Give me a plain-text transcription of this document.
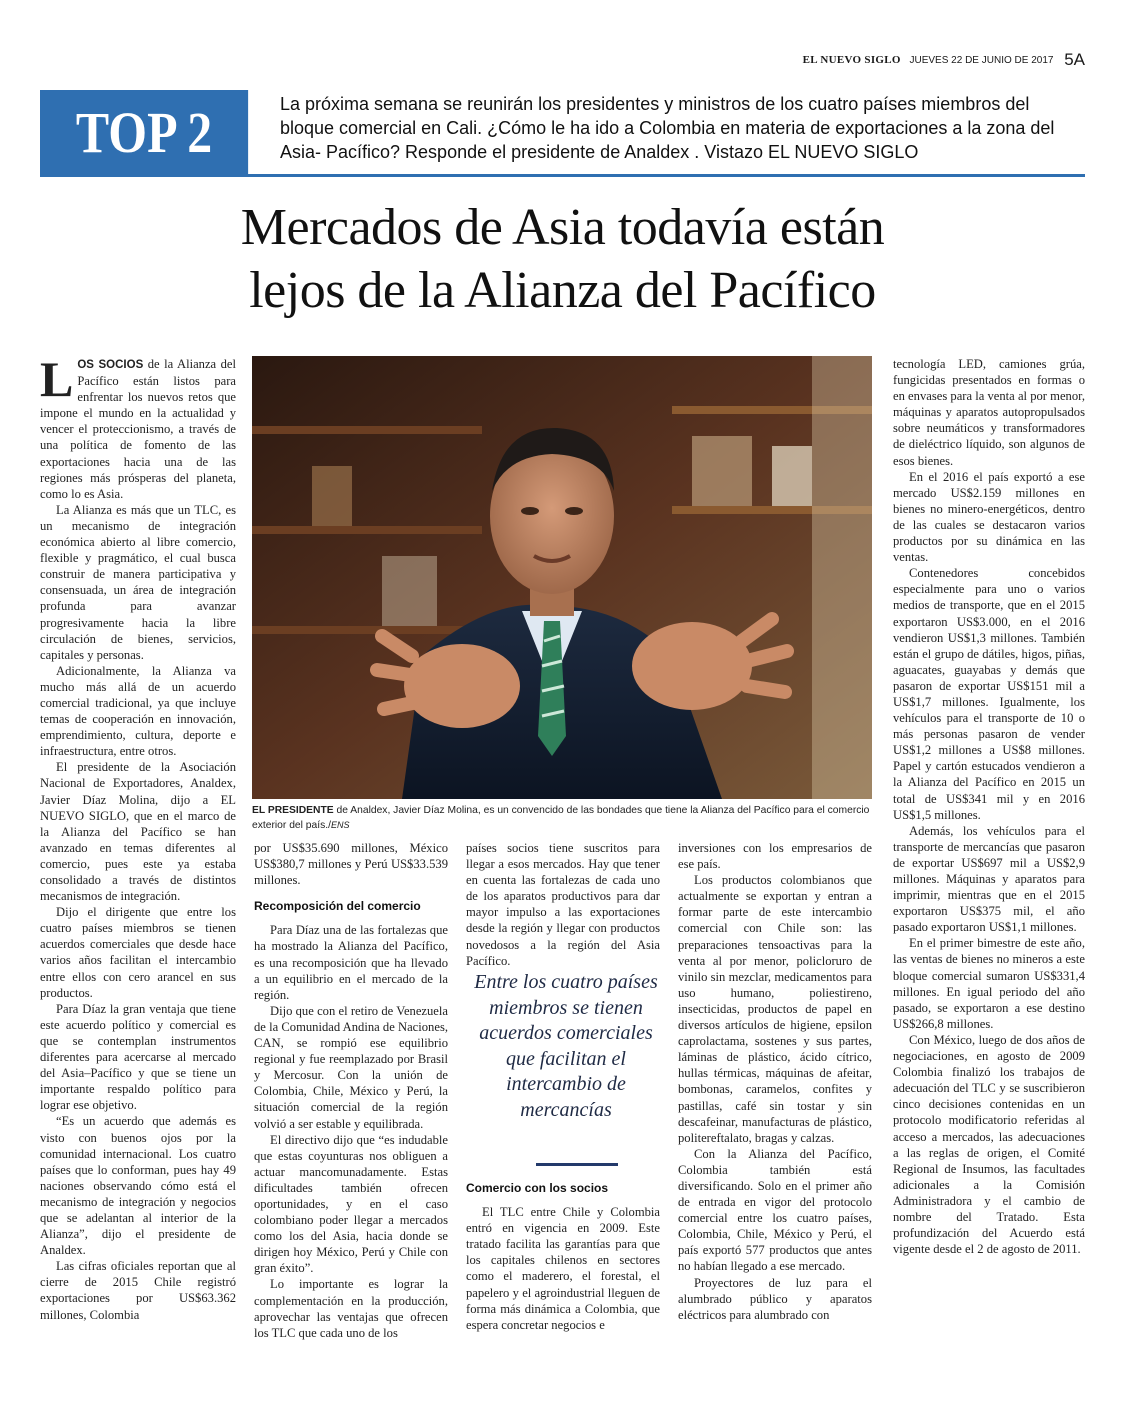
EL NUEVO SIGLO JUEVES 22 DE JUNIO DE 2017 5A
TOP 2	La próxima semana se reunirán los presidentes y ministros de los cuatro países miembros del bloque comercial en Cali. ¿Cómo le ha ido a Colombia en materia de exportaciones a la zona del Asia- Pacífico? Responde el presidente de Analdex . Vistazo EL NUEVO SIGLO
Mercados de Asia todavía están
lejos de la Alianza del Pacífico

LOS SOCIOS de la Alianza del Pacífico están listos para enfrentar los nuevos retos que impone el mundo en la actualidad y vencer el proteccionismo, a través de una política de fomento de las exportaciones hacia una de las regiones más prósperas del planeta, como lo es Asia.

La Alianza es más que un TLC, es un mecanismo de integración económica abierto al libre comercio, flexible y pragmático, el cual busca construir de manera participativa y consensuada, un área de integración profunda para avanzar progresivamente hacia la libre circulación de bienes, servicios, capitales y personas.

Adicionalmente, la Alianza va mucho más allá de un acuerdo comercial tradicional, ya que incluye temas de cooperación en innovación, emprendimiento, cultura, deporte e infraestructura, entre otros.

El presidente de la Asociación Nacional de Exportadores, Analdex, Javier Díaz Molina, dijo a EL NUEVO SIGLO, que en el marco de la Alianza del Pacífico se han avanzado en temas diferentes al comercio, pues este ya estaba consolidado a través de distintos mecanismos de integración.

Dijo el dirigente que entre los cuatro países miembros se tienen acuerdos comerciales que desde hace varios años facilitan el intercambio entre ellos con cero arancel en sus productos.

Para Díaz la gran ventaja que tiene este acuerdo político y comercial es que se contemplan instrumentos diferentes para acercarse al mercado del Asia–Pacífico y que se tiene un importante respaldo político para lograr ese objetivo.

“Es un acuerdo que además es visto con buenos ojos por la comunidad internacional. Los cuatro países que lo conforman, pues hay 49 naciones observando cómo está el mecanismo de integración y negocios que se adelantan al interior de la Alianza”, dijo el presidente de Analdex.

Las cifras oficiales reportan que al cierre de 2015 Chile registró exportaciones por US$63.362 millones, Colombia

EL PRESIDENTE de Analdex, Javier Díaz Molina, es un convencido de las bondades que tiene la Alianza del Pacífico para el comercio exterior del país./ENS

por US$35.690 millones, México US$380,7 millones y Perú US$33.539 millones.

Recomposición del comercio

Para Díaz una de las fortalezas que ha mostrado la Alianza del Pacífico, es una recomposición que ha llevado a un equilibrio en el mercado de la región.

Dijo que con el retiro de Venezuela de la Comunidad Andina de Naciones, CAN, se rompió ese equilibrio regional y fue reemplazado por Brasil y Mercosur. Con la unión de Colombia, Chile, México y Perú, la situación comercial de la región volvió a ser estable y equilibrada.

El directivo dijo que “es indudable que estas coyunturas nos obliguen a actuar mancomunadamente. Estas dificultades también ofrecen oportunidades, y en el caso colombiano poder llegar a mercados como los del Asia, hacia donde se dirigen hoy México, Perú y Chile con gran éxito”.

Lo importante es lograr la complementación en la producción, aprovechar las ventajas que ofrecen los TLC que cada uno de los

países socios tiene suscritos para llegar a esos mercados. Hay que tener en cuenta las fortalezas de cada uno de los aparatos productivos para dar mayor impulso a las exportaciones desde la región y llegar con productos novedosos a la región del Asia Pacífico.

Entre los cuatro países miembros se tienen acuerdos comerciales que facilitan el intercambio de mercancías
Comercio con los socios

El TLC entre Chile y Colombia entró en vigencia en 2009. Este tratado facilita las garantías para que los capitales chilenos en sectores como el maderero, el forestal, el papelero y el agroindustrial lleguen de forma más dinámica a Colombia, que espera concretar negocios e

inversiones con los empresarios de ese país.

Los productos colombianos que actualmente se exportan y entran a formar parte de este intercambio comercial con Chile son: las preparaciones tensoactivas para la venta al por menor, policloruro de vinilo sin mezclar, medicamentos para uso humano, poliestireno, insecticidas, productos de papel en diversos artículos de higiene, epsilon caprolactama, sostenes y sus partes, láminas de plástico, ácido cítrico, hullas térmicas, máquinas de afeitar, bombonas, caramelos, confites y pastillas, café sin tostar y sin descafeinar, manufacturas de plástico, politereftalato, bragas y calzas.

Con la Alianza del Pacífico, Colombia también está diversificando. Solo en el primer año de entrada en vigor del protocolo comercial entre los cuatro países, Colombia, Chile, México y Perú, el país exportó 577 productos que antes no habían llegado a ese mercado.

Proyectores de luz para el alumbrado público y aparatos eléctricos para alumbrado con

tecnología LED, camiones grúa, fungicidas presentados en formas o en envases para la venta al por menor, máquinas y aparatos autopropulsados sobre neumáticos y transformadores de dieléctrico líquido, son algunos de esos bienes.

En el 2016 el país exportó a ese mercado US$2.159 millones en bienes no minero-energéticos, dentro de las cuales se destacaron varios productos por su dinámica en las ventas.

Contenedores concebidos especialmente para uno o varios medios de transporte, que en el 2015 exportaron US$3.000, en el 2016 vendieron US$1,3 millones. También están el grupo de dátiles, higos, piñas, aguacates, guayabas y demás que pasaron de exportar US$151 mil a US$1,7 millones. Igualmente, los vehículos para el transporte de 10 o más personas pasaron de vender US$1,2 millones a US$8 millones. Papel y cartón estucados vendieron a la Alianza del Pacífico en 2015 un total de US$341 mil y en 2016 US$1,5 millones.

Además, los vehículos para el transporte de mercancías que pasaron de exportar US$697 mil a US$2,9 millones. Máquinas y aparatos para imprimir, mientras que en el 2015 exportaron US$375 mil, el año pasado exportaron US$1,1 millones.

En el primer bimestre de este año, las ventas de bienes no mineros a este bloque comercial sumaron US$331,4 millones. En igual periodo del año pasado, se exportaron a ese destino US$266,8 millones.

Con México, luego de dos años de negociaciones, en agosto de 2009 Colombia finalizó los trabajos de adecuación del TLC y se suscribieron cinco decisiones contenidas en un protocolo modificatorio referidas al acceso a mercados, las adecuaciones a las reglas de origen, el Comité Regional de Insumos, las facultades adicionales a la Comisión Administradora y el cambio de nombre del Tratado. Esta profundización del Acuerdo está vigente desde el 2 de agosto de 2011.
